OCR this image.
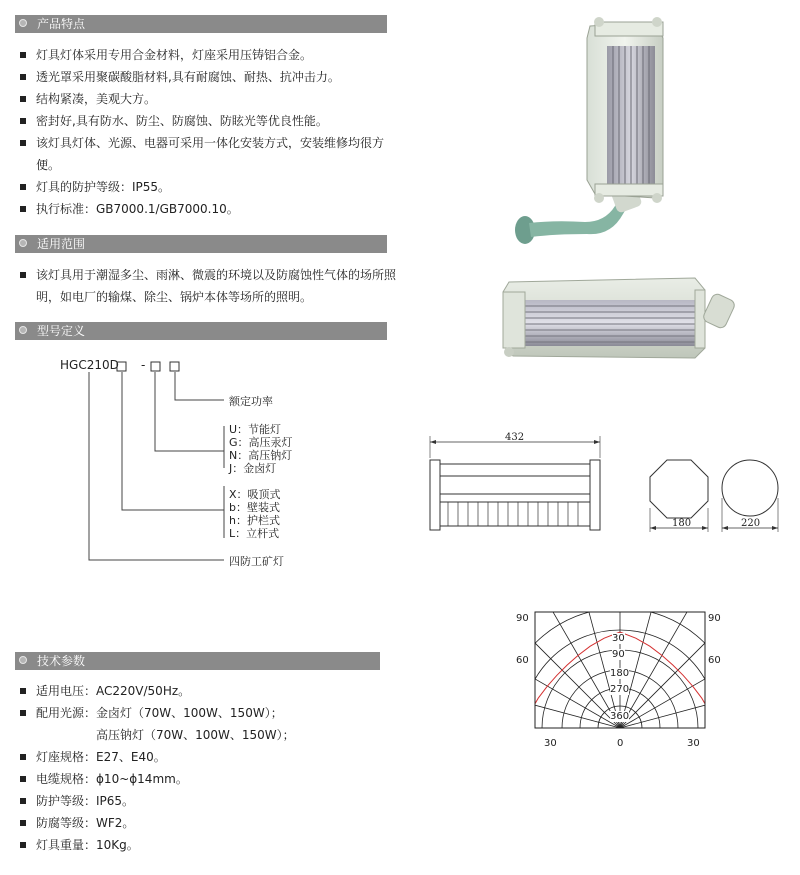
产品特点
灯具灯体采用专用合金材料，灯座采用压铸铝合金。
透光罩采用聚碳酸脂材料,具有耐腐蚀、耐热、抗冲击力。
结构紧凑，美观大方。
密封好,具有防水、防尘、防腐蚀、防眩光等优良性能。
该灯具灯体、光源、电器可采用一体化安装方式，安装维修均很方便。
灯具的防护等级：IP55。
执行标准：GB7000.1/GB7000.10。
适用范围
该灯具用于潮湿多尘、雨淋、微震的环境以及防腐蚀性气体的场所照明，如电厂的输煤、除尘、锅炉本体等场所的照明。
型号定义
HGC210D -
额定功率
U：节能灯
G：高压汞灯
N：高压钠灯
J：金卤灯
X：吸顶式
b：壁装式
h：护栏式
L：立杆式
四防工矿灯
技术参数
适用电压：AC220V/50Hz。
配用光源：金卤灯（70W、100W、150W）；
高压钠灯（70W、100W、150W）；
灯座规格：E27、E40。
电缆规格：ϕ10~ϕ14mm。
防护等级：IP65。
防腐等级：WF2。
灯具重量：10Kg。
432
180	220
90	90
60	60
30	0	30
30
90
180
270
360
